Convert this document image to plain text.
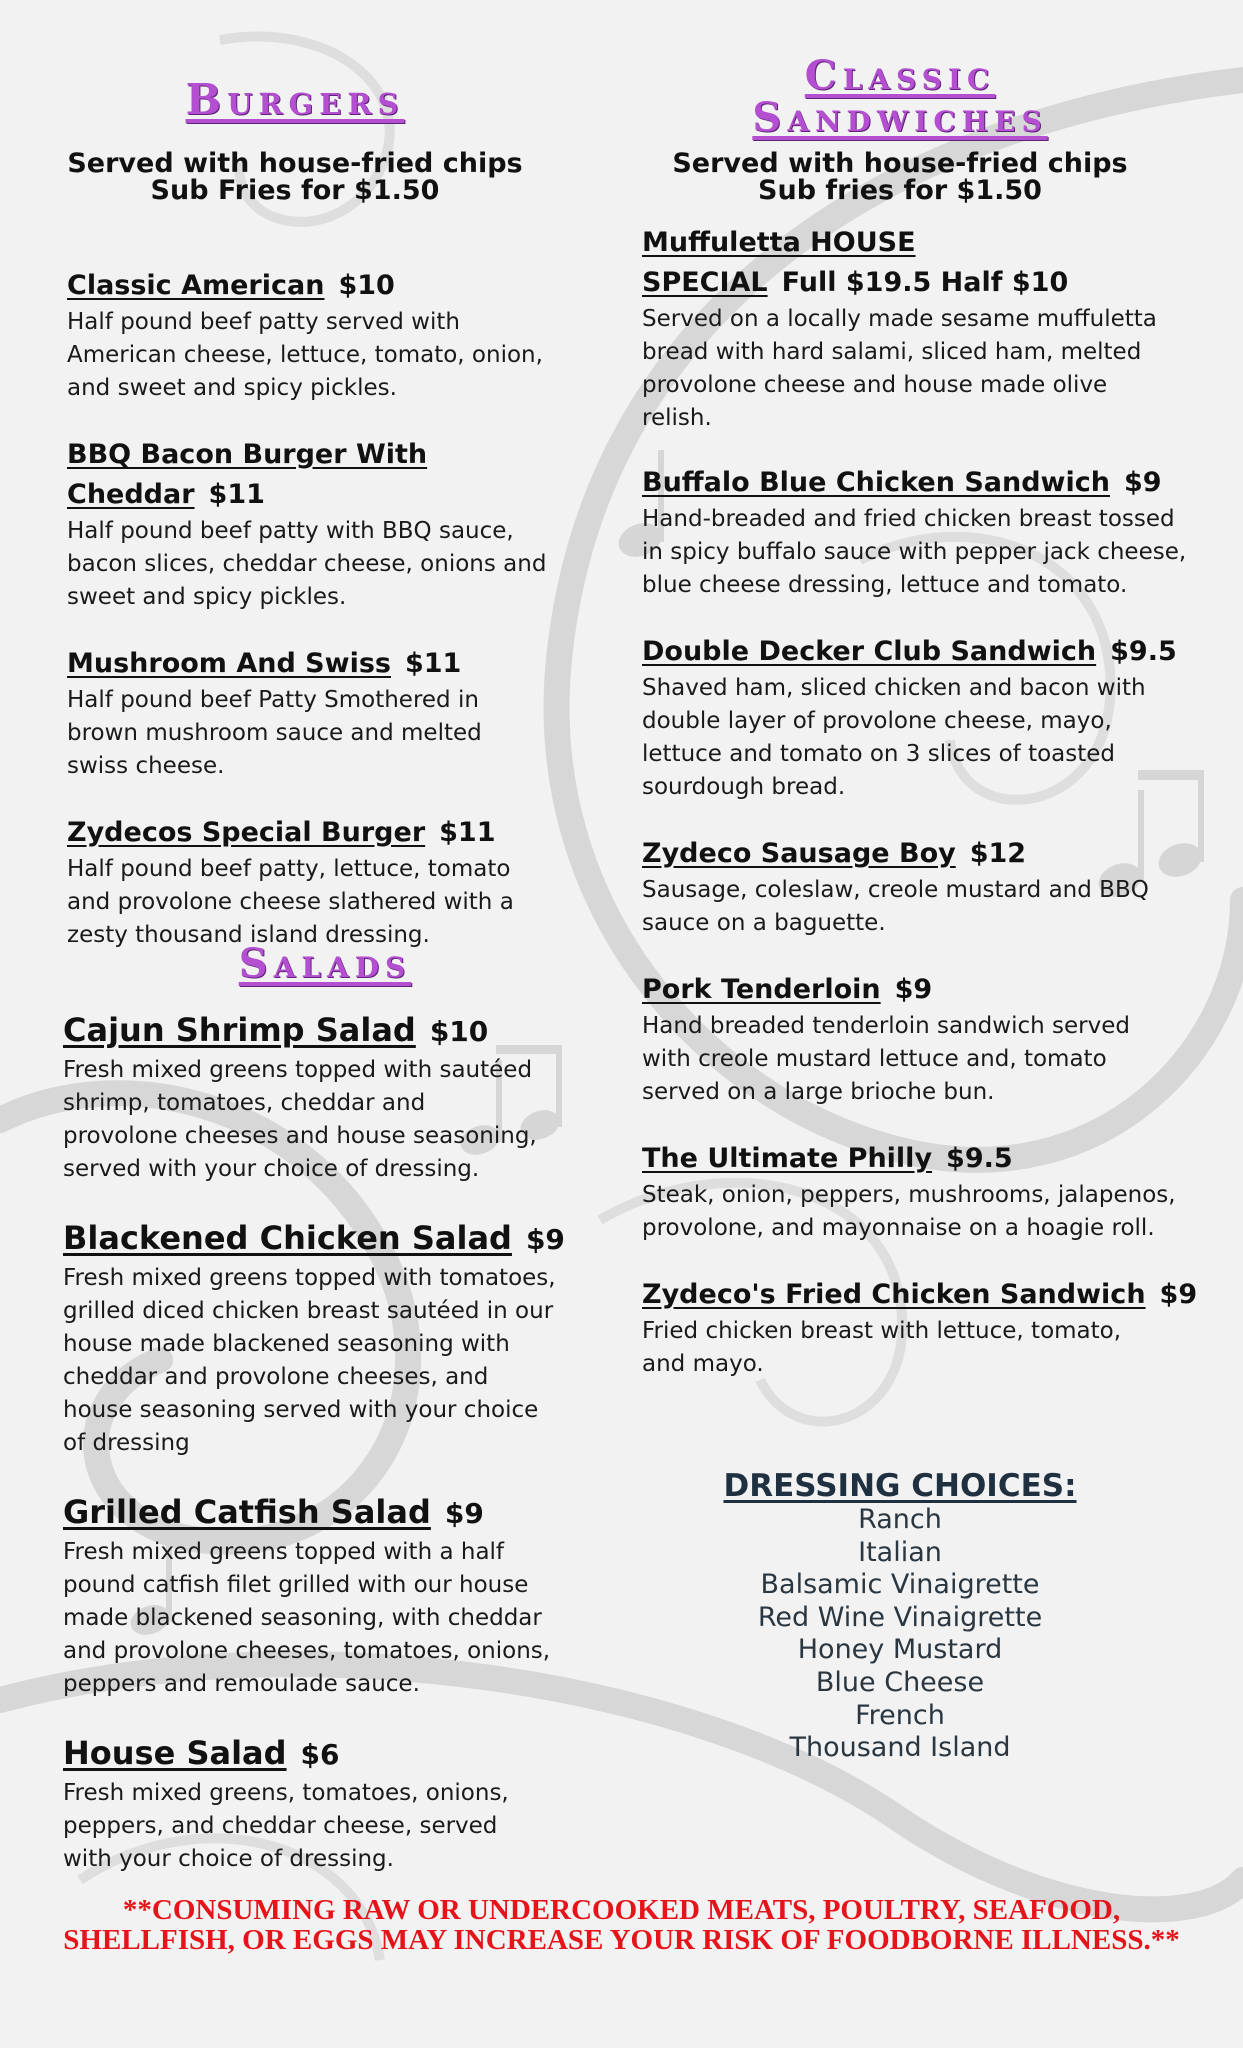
Burgers
Served with house-fried chips
Sub Fries for $1.50
Classic American $10
Half pound beef patty served with American cheese, lettuce, tomato, onion, and sweet and spicy pickles.
BBQ Bacon Burger With Cheddar $11
Half pound beef patty with BBQ sauce, bacon slices, cheddar cheese, onions and sweet and spicy pickles.
Mushroom And Swiss $11
Half pound beef Patty Smothered in brown mushroom sauce and melted swiss cheese.
Zydecos Special Burger $11
Half pound beef patty, lettuce, tomato and provolone cheese slathered with a zesty thousand island dressing.
Salads
Cajun Shrimp Salad $10
Fresh mixed greens topped with sautéed shrimp, tomatoes, cheddar and provolone cheeses and house seasoning, served with your choice of dressing.
Blackened Chicken Salad $9
Fresh mixed greens topped with tomatoes, grilled diced chicken breast sautéed in our house made blackened seasoning with cheddar and provolone cheeses, and house seasoning served with your choice of dressing
Grilled Catfish Salad $9
Fresh mixed greens topped with a half pound catfish filet grilled with our house made blackened seasoning, with cheddar and provolone cheeses, tomatoes, onions, peppers and remoulade sauce.
House Salad $6
Fresh mixed greens, tomatoes, onions, peppers, and cheddar cheese, served with your choice of dressing.
Classic
Sandwiches
Served with house-fried chips
Sub fries for $1.50
Muffuletta HOUSE SPECIAL Full $19.5 Half $10
Served on a locally made sesame muffuletta bread with hard salami, sliced ham, melted provolone cheese and house made olive relish.
Buffalo Blue Chicken Sandwich $9
Hand-breaded and fried chicken breast tossed in spicy buffalo sauce with pepper jack cheese, blue cheese dressing, lettuce and tomato.
Double Decker Club Sandwich $9.5
Shaved ham, sliced chicken and bacon with double layer of provolone cheese, mayo, lettuce and tomato on 3 slices of toasted sourdough bread.
Zydeco Sausage Boy $12
Sausage, coleslaw, creole mustard and BBQ sauce on a baguette.
Pork Tenderloin $9
Hand breaded tenderloin sandwich served with creole mustard lettuce and, tomato served on a large brioche bun.
The Ultimate Philly $9.5
Steak, onion, peppers, mushrooms, jalapenos, provolone, and mayonnaise on a hoagie roll.
Zydeco's Fried Chicken Sandwich $9
Fried chicken breast with lettuce, tomato, and mayo.
DRESSING CHOICES:
Ranch
Italian
Balsamic Vinaigrette
Red Wine Vinaigrette
Honey Mustard
Blue Cheese
French
Thousand Island
**CONSUMING RAW OR UNDERCOOKED MEATS, POULTRY, SEAFOOD,
SHELLFISH, OR EGGS MAY INCREASE YOUR RISK OF FOODBORNE ILLNESS.**
